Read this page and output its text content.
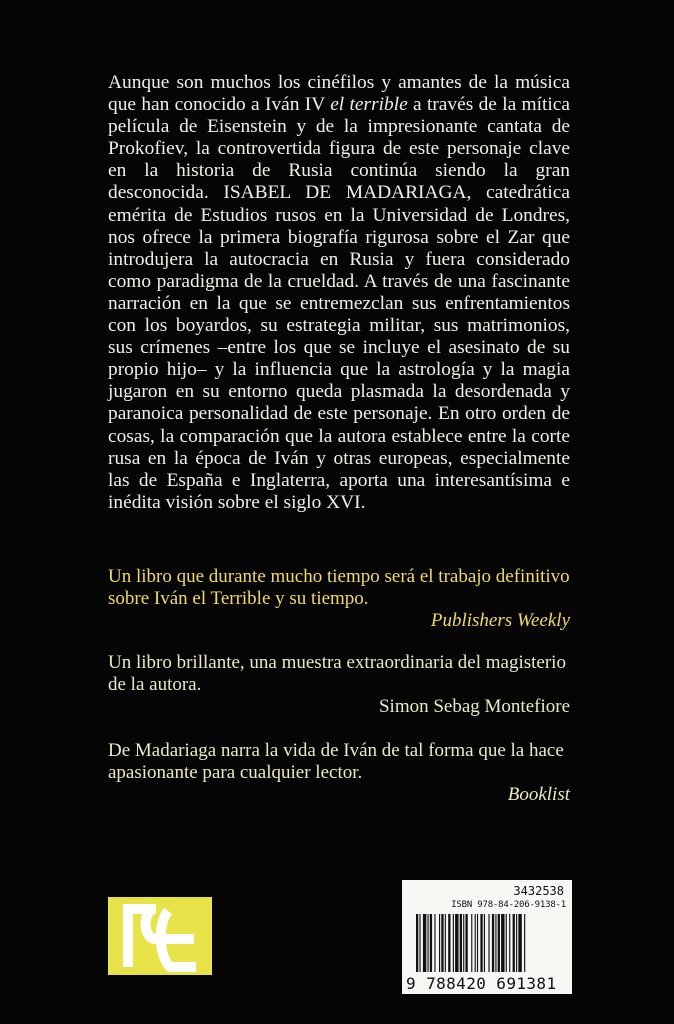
Aunque son muchos los cinéfilos y amantes de la música que han conocido a Iván IV el terrible a través de la mítica película de Eisenstein y de la impresionante cantata de Prokofiev, la controvertida figura de este personaje clave en la historia de Rusia continúa siendo la gran desconocida. ISABEL DE MADARIAGA, catedrática emérita de Estudios rusos en la Universidad de Londres, nos ofrece la primera biografía rigurosa sobre el Zar que introdujera la autocracia en Rusia y fuera considerado como paradigma de la crueldad. A través de una fascinante narración en la que se entremezclan sus enfrentamientos con los boyardos, su estrategia militar, sus matrimonios, sus crímenes –entre los que se incluye el asesinato de su propio hijo– y la influencia que la astrología y la magia jugaron en su entorno queda plasmada la desordenada y paranoica personalidad de este personaje. En otro orden de cosas, la comparación que la autora establece entre la corte rusa en la época de Iván y otras europeas, especialmente las de España e Inglaterra, aporta una interesantísima e inédita visión sobre el siglo XVI.

Un libro que durante mucho tiempo será el trabajo definitivo sobre Iván el Terrible y su tiempo.

Publishers Weekly

Un libro brillante, una muestra extraordinaria del magisterio de la autora.

Simon Sebag Montefiore

De Madariaga narra la vida de Iván de tal forma que la hace apasionante para cualquier lector.

Booklist

3432538
ISBN 978-84-206-9138-1
9 788420 691381
